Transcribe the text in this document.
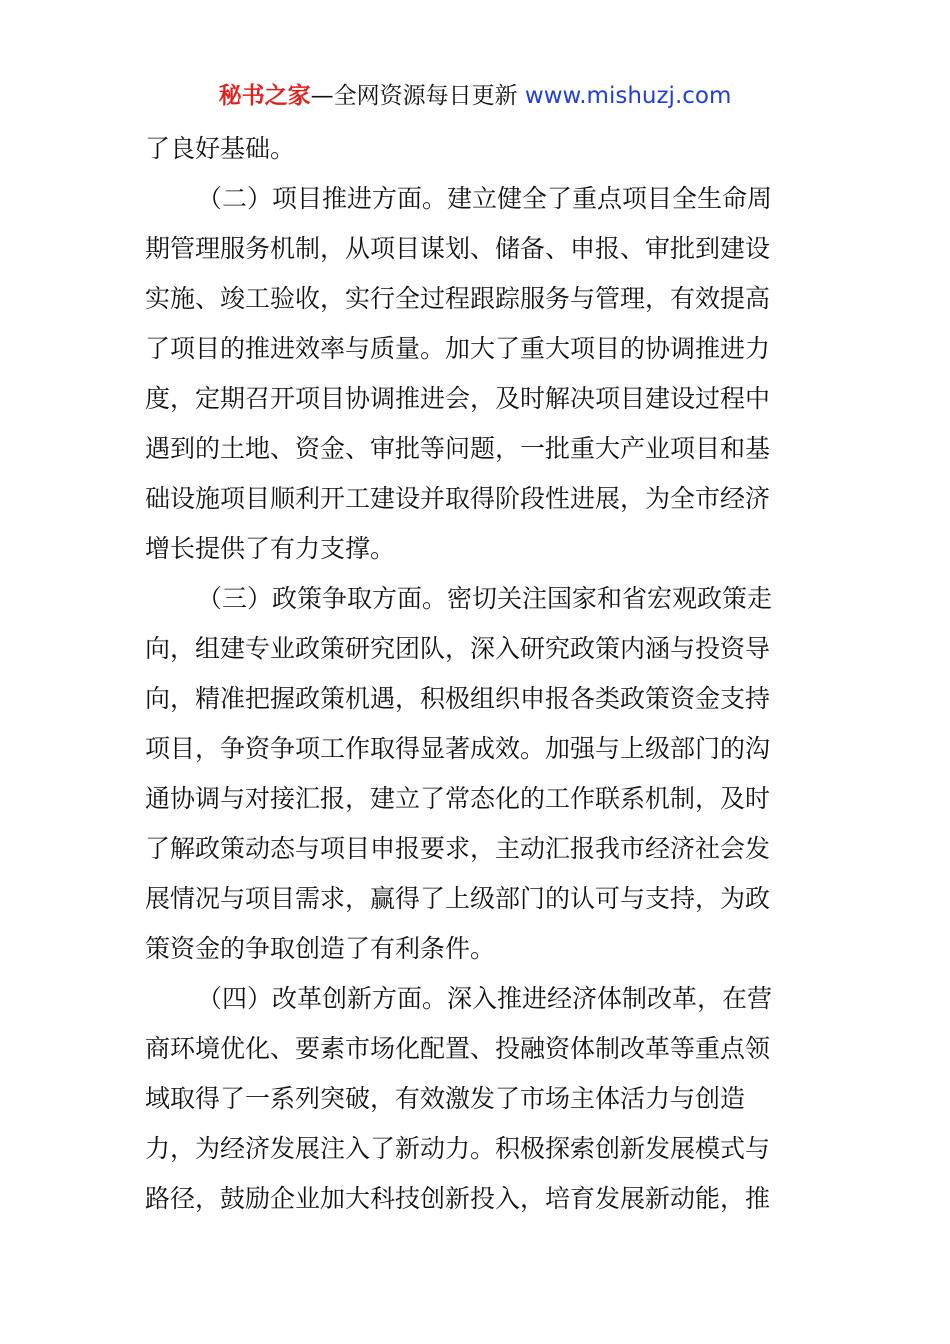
秘书之家—全网资源每日更新 www.mishuzj.com
了良好基础。
（二）项目推进方面。建立健全了重点项目全生命周
期管理服务机制，从项目谋划、储备、申报、审批到建设
实施、竣工验收，实行全过程跟踪服务与管理，有效提高
了项目的推进效率与质量。加大了重大项目的协调推进力
度，定期召开项目协调推进会，及时解决项目建设过程中
遇到的土地、资金、审批等问题，一批重大产业项目和基
础设施项目顺利开工建设并取得阶段性进展，为全市经济
增长提供了有力支撑。
（三）政策争取方面。密切关注国家和省宏观政策走
向，组建专业政策研究团队，深入研究政策内涵与投资导
向，精准把握政策机遇，积极组织申报各类政策资金支持
项目，争资争项工作取得显著成效。加强与上级部门的沟
通协调与对接汇报，建立了常态化的工作联系机制，及时
了解政策动态与项目申报要求，主动汇报我市经济社会发
展情况与项目需求，赢得了上级部门的认可与支持，为政
策资金的争取创造了有利条件。
（四）改革创新方面。深入推进经济体制改革，在营
商环境优化、要素市场化配置、投融资体制改革等重点领
域取得了一系列突破，有效激发了市场主体活力与创造
力，为经济发展注入了新动力。积极探索创新发展模式与
路径，鼓励企业加大科技创新投入，培育发展新动能，推
